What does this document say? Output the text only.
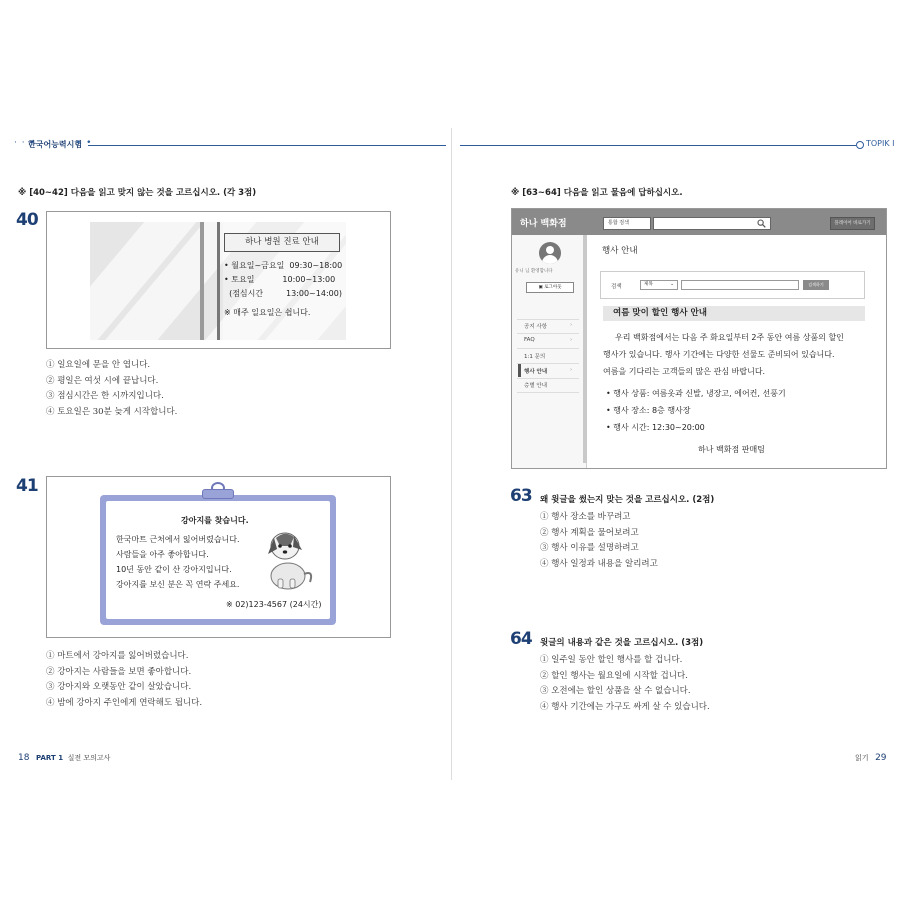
· · •
한국어능력시험
• •	TOPIK Ⅰ
※ [40~42] 다음을 읽고 맞지 않는 것을 고르십시오. (각 3점)
40
하나 병원 진료 안내
• 월요일~금요일  09:30~18:00
• 토요일           10:00~13:00
(점심시간         13:00~14:00)
※ 매주 일요일은 쉽니다.
① 일요일에 문을 안 엽니다.
② 평일은 여섯 시에 끝납니다.
③ 점심시간은 한 시까지입니다.
④ 토요일은 30분 늦게 시작합니다.
41
강아지를 찾습니다.
한국마트 근처에서 잃어버렸습니다.
사람들을 아주 좋아합니다.
10년 동안 같이 산 강아지입니다.
강아지를 보신 분은 꼭 연락 주세요.
※ 02)123-4567 (24시간)
① 마트에서 강아지를 잃어버렸습니다.
② 강아지는 사람들을 보면 좋아합니다.
③ 강아지와 오랫동안 같이 살았습니다.
④ 밤에 강아지 주인에게 연락해도 됩니다.
18 PART 1 실전 모의고사
※ [63~64] 다음을 읽고 물음에 답하십시오.
하나 백화점	통합 검색	플레이어 바로가기
유니 님 환영합니다
▣ 로그아웃
공지 사항	›
FAQ	›
1:1 문의
행사 안내	›
층별 안내
행사 안내
검색	제목	⌄	검색하기
여름 맞이 할인 행사 안내
우리 백화점에서는 다음 주 화요일부터 2주 동안 여름 상품의 할인
행사가 있습니다. 행사 기간에는 다양한 선물도 준비되어 있습니다.
여름을 기다리는 고객들의 많은 관심 바랍니다.
• 행사 상품: 여름옷과 신발, 냉장고, 에어컨, 선풍기
• 행사 장소: 8층 행사장
• 행사 시간: 12:30~20:00
하나 백화점 판매팀
63 왜 윗글을 썼는지 맞는 것을 고르십시오. (2점)
① 행사 장소를 바꾸려고
② 행사 계획을 물어보려고
③ 행사 이유를 설명하려고
④ 행사 일정과 내용을 알리려고
64 윗글의 내용과 같은 것을 고르십시오. (3점)
① 일주일 동안 할인 행사를 할 겁니다.
② 할인 행사는 월요일에 시작할 겁니다.
③ 오전에는 할인 상품을 살 수 없습니다.
④ 행사 기간에는 가구도 싸게 살 수 있습니다.
읽기 29
